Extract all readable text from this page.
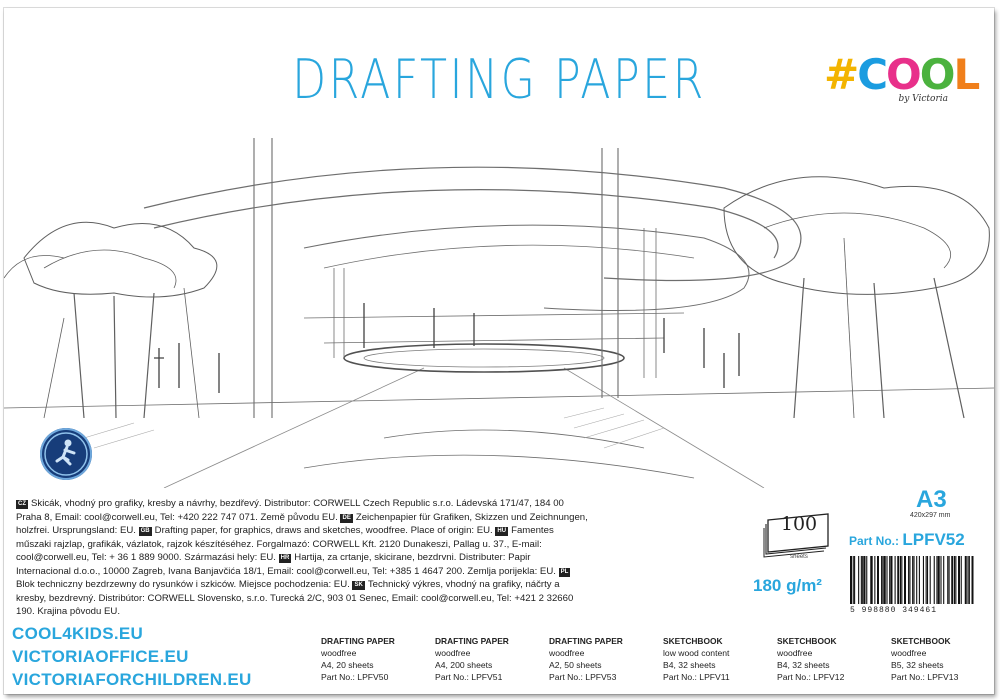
DRAFTING PAPER	#COOL
by Victoria
CZ Skicák, vhodný pro grafiky, kresby a návrhy, bezdřevý. Distributor: CORWELL Czech Republic s.r.o. Ládevská 171/47, 184 00 Praha 8, Email: cool@corwell.eu, Tel: +420 222 747 071. Země původu EU. DE Zeichenpapier für Grafiken, Skizzen und Zeichnungen, holzfrei. Ursprungsland: EU. GB Drafting paper, for graphics, draws and sketches, woodfree. Place of origin: EU. HU Famentes műszaki rajzlap, grafikák, vázlatok, rajzok készítéséhez. Forgalmazó: CORWELL Kft. 2120 Dunakeszi, Pallag u. 37., E-mail: cool@corwell.eu, Tel: + 36 1 889 9000. Származási hely: EU. HR Hartija, za crtanje, skicirane, bezdrvni. Distributer: Papir Internacional d.o.o., 10000 Zagreb, Ivana Banjavčića 18/1, Email: cool@corwell.eu, Tel: +385 1 4647 200. Zemlja porijekla: EU. PLBlok techniczny bezdrzewny do rysunków i szkiców. Miejsce pochodzenia: EU. SK Technický výkres, vhodný na grafiky, náčrty a kresby, bezdrevný. Distribútor: CORWELL Slovensko, s.r.o. Turecká 2/C, 903 01 Senec, Email: cool@corwell.eu, Tel: +421 2 32660 190. Krajina pôvodu EU.
A3
420x297 mm
100
sheets
Part No.: LPFV52
180 g/m²
5 998880 349461
COOL4KIDS.EU
VICTORIAOFFICE.EU
VICTORIAFORCHILDREN.EU
DRAFTING PAPER
woodfree
A4, 20 sheets
Part No.: LPFV50
DRAFTING PAPER
woodfree
A4, 200 sheets
Part No.: LPFV51
DRAFTING PAPER
woodfree
A2, 50 sheets
Part No.: LPFV53
SKETCHBOOK
low wood content
B4, 32 sheets
Part No.: LPFV11
SKETCHBOOK
woodfree
B4, 32 sheets
Part No.: LPFV12
SKETCHBOOK
woodfree
B5, 32 sheets
Part No.: LPFV13
